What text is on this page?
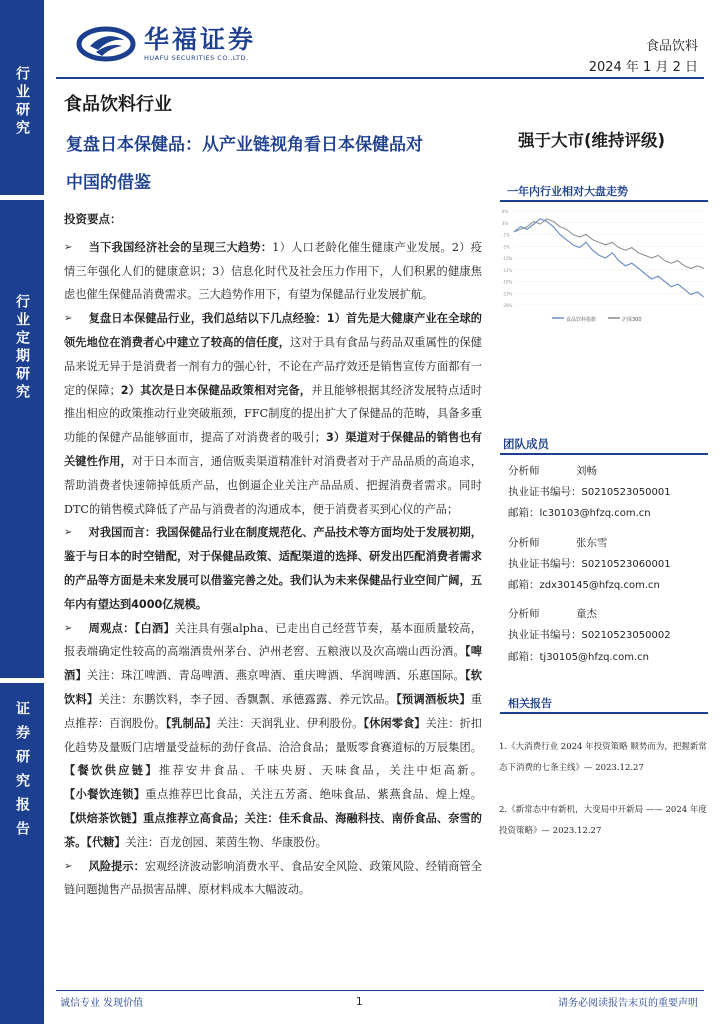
行业研究
行业定期研究
证券研究报告
华福证券
HUAFU SECURITIES CO.,LTD.
食品饮料
2024 年 1 月 2 日
食品饮料行业
复盘日本保健品：从产业链视角看日本保健品对
中国的借鉴
强于大市(维持评级)
一年内行业相对大盘走势
8%
4%
-1%
-5%
-10%
-14%
-19%
-23%
-28%
食品饮料指数	沪深300
团队成员
分析师	刘畅
执业证书编号：S0210523050001
邮箱：lc30103@hfzq.com.cn
分析师	张东雪
执业证书编号：S0210523060001
邮箱：zdx30145@hfzq.com.cn
分析师	童杰
执业证书编号：S0210523050002
邮箱：tj30105@hfzq.com.cn
相关报告
1.《大消费行业 2024 年投资策略 顺势而为，把握新常态下消费的七条主线》— 2023.12.27
2.《新常态中有新机，大变局中开新局 —— 2024 年度投资策略》— 2023.12.27
投资要点：
➢ 当下我国经济社会的呈现三大趋势：1）人口老龄化催生健康产业发展。2）疫情三年强化人们的健康意识；3）信息化时代及社会压力作用下，人们积累的健康焦虑也催生保健品消费需求。三大趋势作用下，有望为保健品行业发展扩航。
➢ 复盘日本保健品行业，我们总结以下几点经验：1）首先是大健康产业在全球的领先地位在消费者心中建立了较高的信任度，这对于具有食品与药品双重属性的保健品来说无异于是消费者一剂有力的强心针，不论在产品疗效还是销售宣传方面都有一定的保障；2）其次是日本保健品政策相对完备，并且能够根据其经济发展特点适时推出相应的政策推动行业突破瓶颈，FFC制度的提出扩大了保健品的范畴，具备多重功能的保健产品能够面市，提高了对消费者的吸引；3）渠道对于保健品的销售也有关键性作用，对于日本而言，通信贩卖渠道精准针对消费者对于产品品质的高追求，帮助消费者快速筛掉低质产品，也倒逼企业关注产品品质、把握消费者需求。同时DTC的销售模式降低了产品与消费者的沟通成本，便于消费者买到心仪的产品；
➢ 对我国而言：我国保健品行业在制度规范化、产品技术等方面均处于发展初期，鉴于与日本的时空错配，对于保健品政策、适配渠道的选择、研发出匹配消费者需求的产品等方面是未来发展可以借鉴完善之处。我们认为未来保健品行业空间广阔，五年内有望达到4000亿规模。
➢ 周观点：【白酒】关注具有强alpha、已走出自己经营节奏，基本面质量较高，报表端确定性较高的高端酒贵州茅台、泸州老窖、五粮液以及次高端山西汾酒。【啤酒】关注：珠江啤酒、青岛啤酒、燕京啤酒、重庆啤酒、华润啤酒、乐惠国际。【软饮料】关注：东鹏饮料，李子园、香飘飘、承德露露、养元饮品。【预调酒板块】重点推荐：百润股份。【乳制品】关注：天润乳业、伊利股份。【休闲零食】关注：折扣化趋势及量贩门店增量受益标的劲仔食品、洽洽食品；量贩零食赛道标的万辰集团。【餐饮供应链】推荐安井食品、千味央厨、天味食品，关注中炬高新。【小餐饮连锁】重点推荐巴比食品，关注五芳斋、绝味食品、紫燕食品、煌上煌。【烘焙茶饮链】重点推荐立高食品；关注：佳禾食品、海融科技、南侨食品、奈雪的茶。【代糖】关注：百龙创园、莱茵生物、华康股份。
➢ 风险提示：宏观经济波动影响消费水平、食品安全风险、政策风险、经销商管全链问题抛售产品损害品牌、原材料成本大幅波动。
诚信专业 发现价值	1	请务必阅读报告末页的重要声明
